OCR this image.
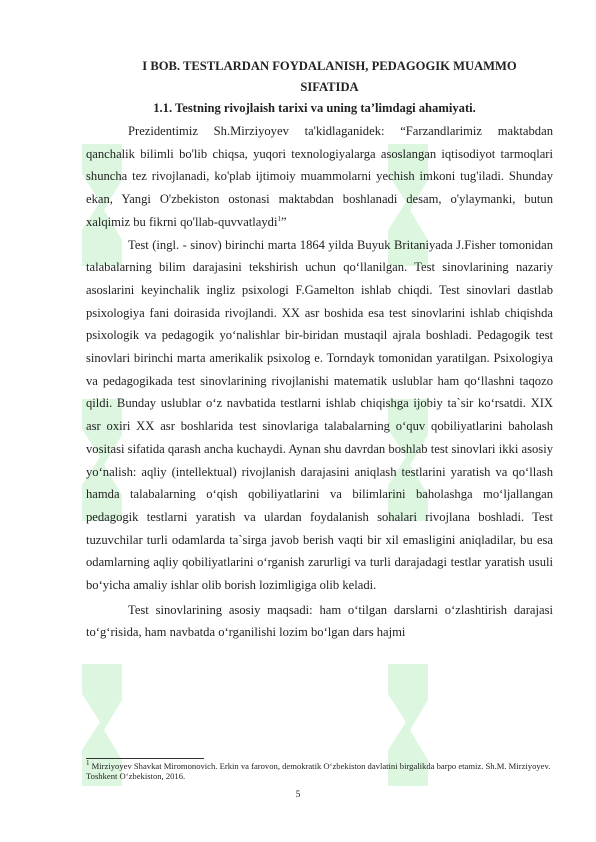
I BOB. TESTLARDAN FOYDALANISH, PEDAGOGIK MUAMMO
SIFATIDA
1.1. Testning rivojlaish tarixi va uning ta’limdagi ahamiyati.

Prezidentimiz Sh.Mirziyoyev ta'kidlaganidek: “Farzandlarimiz maktabdan qanchalik bilimli bo'lib chiqsa, yuqori texnologiyalarga asoslangan iqtisodiyot tarmoqlari shuncha tez rivojlanadi, ko'plab ijtimoiy muammolarni yechish imkoni tug'iladi. Shunday ekan, Yangi O'zbekiston ostonasi maktabdan boshlanadi desam, o'ylaymanki, butun xalqimiz bu fikrni qo'llab-quvvatlaydi$^1$”

Test (ingl. - sinov) birinchi marta 1864 yilda Buyuk Britaniyada J.Fisher tomonidan talabalarning bilim darajasini tekshirish uchun qo‘llanilgan. Test sinovlarining nazariy asoslarini keyinchalik ingliz psixologi F.Gamelton ishlab chiqdi. Test sinovlari dastlab psixologiya fani doirasida rivojlandi. XX asr boshida esa test sinovlarini ishlab chiqishda psixologik va pedagogik yo‘nalishlar bir-biridan mustaqil ajrala boshladi. Pedagogik test sinovlari birinchi marta amerikalik psixolog e. Torndayk tomonidan yaratilgan. Psixologiya va pedagogikada test sinovlarining rivojlanishi matematik uslublar ham qo‘llashni taqozo qildi. Bunday uslublar o‘z navbatida testlarni ishlab chiqishga ijobiy ta`sir ko‘rsatdi. XIX asr oxiri XX asr boshlarida test sinovlariga talabalarning o‘quv qobiliyatlarini baholash vositasi sifatida qarash ancha kuchaydi. Aynan shu davrdan boshlab test sinovlari ikki asosiy yo‘nalish: aqliy (intellektual) rivojlanish darajasini aniqlash testlarini yaratish va qo‘llash hamda talabalarning o‘qish qobiliyatlarini va bilimlarini baholashga mo‘ljallangan pedagogik testlarni yaratish va ulardan foydalanish sohalari rivojlana boshladi. Test tuzuvchilar turli odamlarda ta`sirga javob berish vaqti bir xil emasligini aniqladilar, bu esa odamlarning aqliy qobiliyatlarini o‘rganish zarurligi va turli darajadagi testlar yaratish usuli bo‘yicha amaliy ishlar olib borish lozimligiga olib keladi.

Test sinovlarining asosiy maqsadi: ham o‘tilgan darslarni o‘zlashtirish darajasi to‘g‘risida, ham navbatda o‘rganilishi lozim bo‘lgan dars hajmi

$^1$ Mirziyoyev Shavkat Miromonovich. Erkin va farovon, demokratik O‘zbekiston davlatini birgalikda barpo etamiz. Sh.M. Mirziyoyev. Toshkent O‘zbekiston, 2016.
5
